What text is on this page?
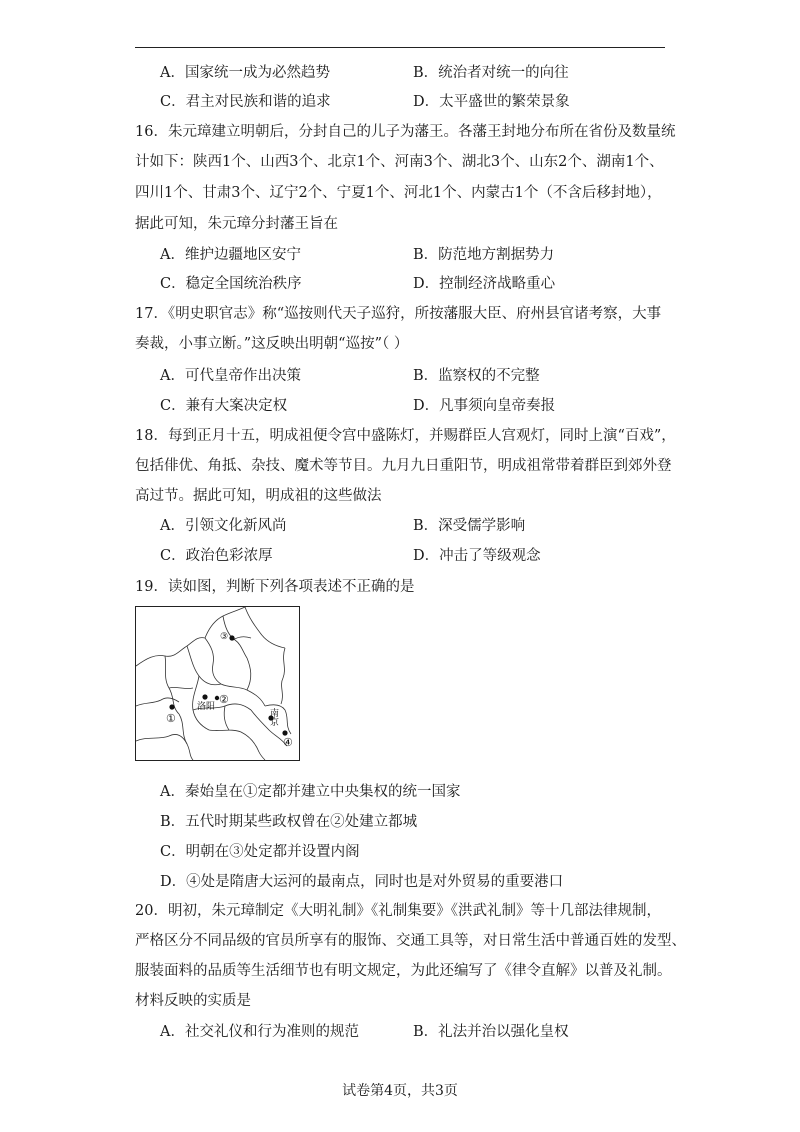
A．国家统一成为必然趋势	B．统治者对统一的向往
C．君主对民族和谐的追求	D．太平盛世的繁荣景象
16．朱元璋建立明朝后，分封自己的儿子为藩王。各藩王封地分布所在省份及数量统
计如下：陕西1个、山西3个、北京1个、河南3个、湖北3个、山东2个、湖南1个、
四川1个、甘肃3个、辽宁2个、宁夏1个、河北1个、内蒙古1个（不含后移封地），
据此可知，朱元璋分封藩王旨在
A．维护边疆地区安宁	B．防范地方割据势力
C．稳定全国统治秩序	D．控制经济战略重心
17．《明史职官志》称“巡按则代天子巡狩，所按藩服大臣、府州县官诸考察，大事
奏裁，小事立断。”这反映出明朝“巡按”（ ）
A．可代皇帝作出决策	B．监察权的不完整
C．兼有大案决定权	D．凡事须向皇帝奏报
18．每到正月十五，明成祖便令宫中盛陈灯，并赐群臣人宫观灯，同时上演“百戏”，
包括俳优、角抵、杂技、魔术等节目。九月九日重阳节，明成祖常带着群臣到郊外登
高过节。据此可知，明成祖的这些做法
A．引领文化新风尚	B．深受儒学影响
C．政治色彩浓厚	D．冲击了等级观念
19．读如图，判断下列各项表述不正确的是
①
洛阳
②
③
南京
④
A．秦始皇在①定都并建立中央集权的统一国家
B．五代时期某些政权曾在②处建立都城
C．明朝在③处定都并设置内阁
D．④处是隋唐大运河的最南点，同时也是对外贸易的重要港口
20．明初，朱元璋制定《大明礼制》《礼制集要》《洪武礼制》等十几部法律规制，
严格区分不同品级的官员所享有的服饰、交通工具等，对日常生活中普通百姓的发型、
服装面料的品质等生活细节也有明文规定，为此还编写了《律令直解》以普及礼制。
材料反映的实质是
A．社交礼仪和行为准则的规范	B．礼法并治以强化皇权
试卷第4页，共3页
